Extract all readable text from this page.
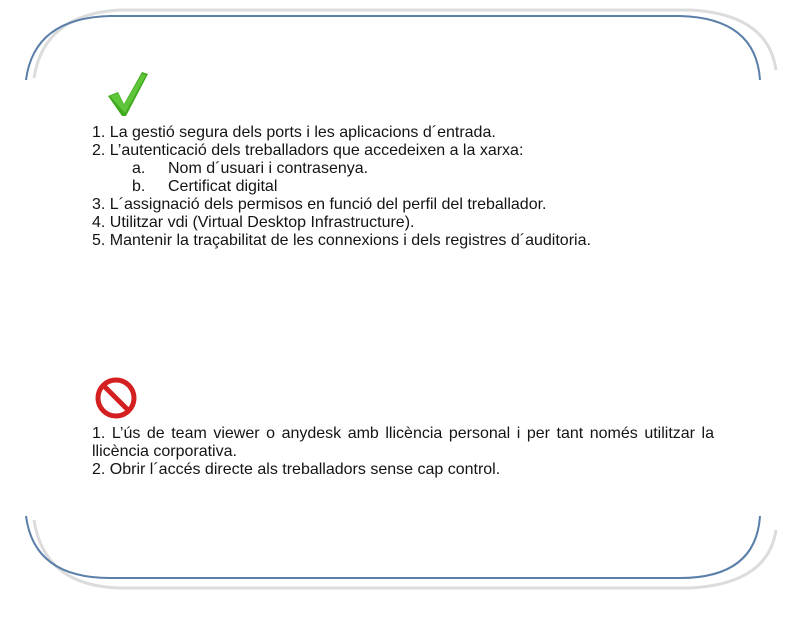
1. La gestió segura dels ports i les aplicacions d´entrada.
2. L’autenticació dels treballadors que accedeixen a la xarxa:
a. Nom d´usuari i contrasenya.
b. Certificat digital
3. L´assignació dels permisos en funció del perfil del treballador.
4. Utilitzar vdi (Virtual Desktop Infrastructure).
5. Mantenir la traçabilitat de les connexions i dels registres d´auditoria.
1. L’ús de team viewer o anydesk amb llicència personal i per tant només utilitzar la llicència corporativa.
2. Obrir l´accés directe als treballadors sense cap control.
